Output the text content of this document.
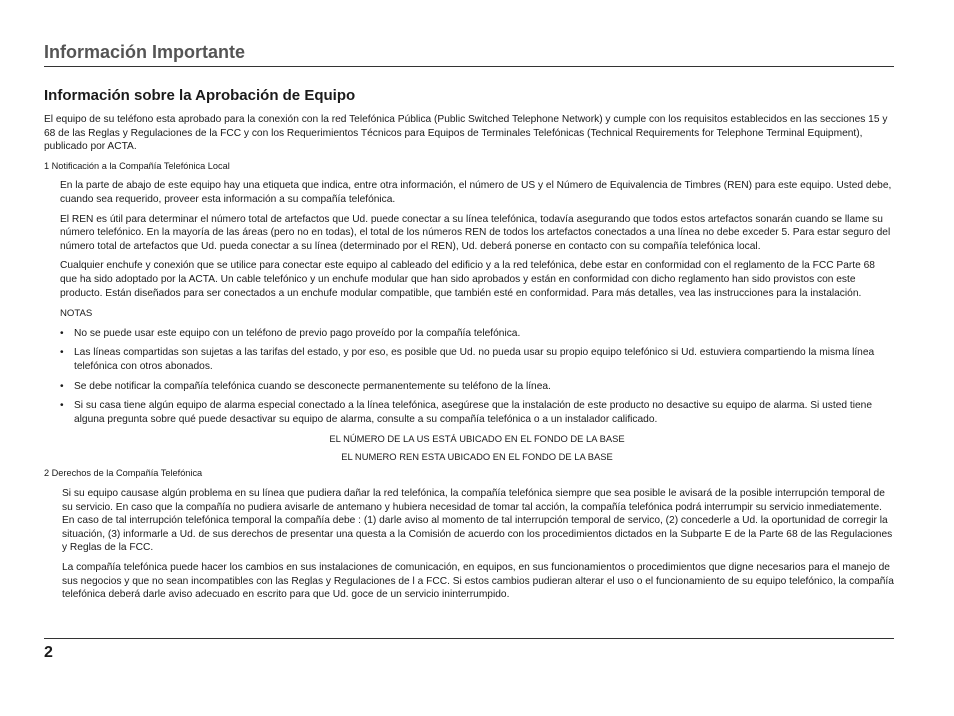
Información Importante
Información sobre la Aprobación de Equipo

El equipo de su teléfono esta aprobado para la conexión con la red Telefónica Pública (Public Switched Telephone Network) y cumple con los requisitos establecidos en las secciones 15 y 68 de las Reglas y Regulaciones de la FCC y con los Requerimientos Técnicos para Equipos de Terminales Telefónicas (Technical Requirements for Telephone Terminal Equipment), publicado por ACTA.

1 Notificación a la Compañía Telefónica Local

En la parte de abajo de este equipo hay una etiqueta que indica, entre otra información, el número de US y el Número de Equivalencia de Timbres (REN) para este equipo. Usted debe, cuando sea requerido, proveer esta información a su compañía telefónica.

El REN es útil para determinar el número total de artefactos que Ud. puede conectar a su línea telefónica, todavía asegurando que todos estos artefactos sonarán cuando se llame su número telefónico. En la mayoría de las áreas (pero no en todas), el total de los números REN de todos los artefactos conectados a una línea no debe exceder 5. Para estar seguro del número total de artefactos que Ud. pueda conectar a su línea (determinado por el REN), Ud. deberá ponerse en contacto con su compañía telefónica local.

Cualquier enchufe y conexión que se utilice para conectar este equipo al cableado del edificio y a la red telefónica, debe estar en conformidad con el reglamento de la FCC Parte 68 que ha sido adoptado por la ACTA. Un cable telefónico y un enchufe modular que han sido aprobados y están en conformidad con dicho reglamento han sido provistos con este producto. Están diseñados para ser conectados a un enchufe modular compatible, que también esté en conformidad. Para más detalles, vea las instrucciones para la instalación.

NOTAS
• No se puede usar este equipo con un teléfono de previo pago proveído por la compañía telefónica.
• Las líneas compartidas son sujetas a las tarifas del estado, y por eso, es posible que Ud. no pueda usar su propio equipo telefónico si Ud. estuviera compartiendo la misma línea telefónica con otros abonados.
• Se debe notificar la compañía telefónica cuando se desconecte permanentemente su teléfono de la línea.
• Si su casa tiene algún equipo de alarma especial conectado a la línea telefónica, asegúrese que la instalación de este producto no desactive su equipo de alarma. Si usted tiene alguna pregunta sobre qué puede desactivar su equipo de alarma, consulte a su compañía telefónica o a un instalador calificado.
EL NÚMERO DE LA US ESTÁ UBICADO EN EL FONDO DE LA BASE
EL NUMERO REN ESTA UBICADO EN EL FONDO DE LA BASE
2 Derechos de la Compañía Telefónica

Si su equipo causase algún problema en su línea que pudiera dañar la red telefónica, la compañía telefónica siempre que sea posible le avisará de la posible interrupción temporal de su servicio. En caso que la compañía no pudiera avisarle de antemano y hubiera necesidad de tomar tal acción, la compañía telefónica podrá interrumpir su servicio inmediatemente. En caso de tal interrupción telefónica temporal la compañía debe : (1) darle aviso al momento de tal interrupción temporal de servico, (2) concederle a Ud. la oportunidad de corregir la situación, (3) informarle a Ud. de sus derechos de presentar una questa a la Comisión de acuerdo con los procedimientos dictados en la Subparte E de la Parte 68 de las Regulaciones y Reglas de la FCC.

La compañía telefónica puede hacer los cambios en sus instalaciones de comunicación, en equipos, en sus funcionamientos o procedimientos que digne necesarios para el manejo de sus negocios y que no sean incompatibles con las Reglas y Regulaciones de l a FCC. Si estos cambios pudieran alterar el uso o el funcionamiento de su equipo telefónico, la compañía telefónica deberá darle aviso adecuado en escrito para que Ud. goce de un servicio ininterrumpido.

2
